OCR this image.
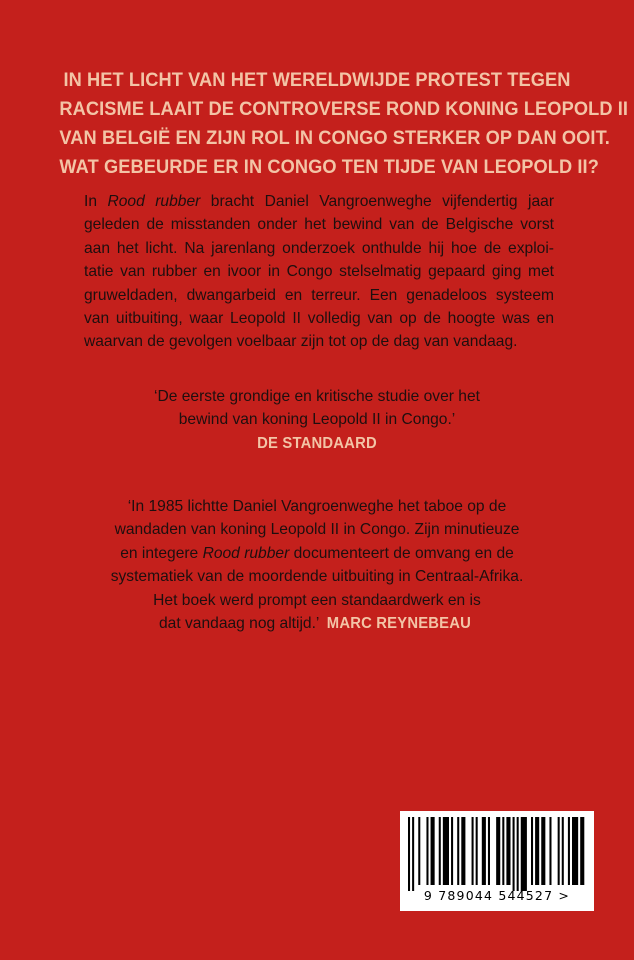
IN HET LICHT VAN HET WERELDWIJDE PROTEST TEGEN
RACISME LAAIT DE CONTROVERSE ROND KONING LEOPOLD II
VAN BELGIË EN ZIJN ROL IN CONGO STERKER OP DAN OOIT.
WAT GEBEURDE ER IN CONGO TEN TIJDE VAN LEOPOLD II?
In Rood rubber bracht Daniel Vangroenweghe vijfendertig jaar
geleden de misstanden onder het bewind van de Belgische vorst
aan het licht. Na jarenlang onderzoek onthulde hij hoe de exploi-
tatie van rubber en ivoor in Congo stelselmatig gepaard ging met
gruweldaden, dwangarbeid en terreur. Een genadeloos systeem
van uitbuiting, waar Leopold II volledig van op de hoogte was en
waarvan de gevolgen voelbaar zijn tot op de dag van vandaag.
‘De eerste grondige en kritische studie over het
bewind van koning Leopold II in Congo.’
DE STANDAARD
‘In 1985 lichtte Daniel Vangroenweghe het taboe op de
wandaden van koning Leopold II in Congo. Zijn minutieuze
en integere Rood rubber documenteert de omvang en de
systematiek van de moordende uitbuiting in Centraal-Afrika.
Het boek werd prompt een standaardwerk en is
dat vandaag nog altijd.’ MARC REYNEBEAU
9 789044 544527 >
